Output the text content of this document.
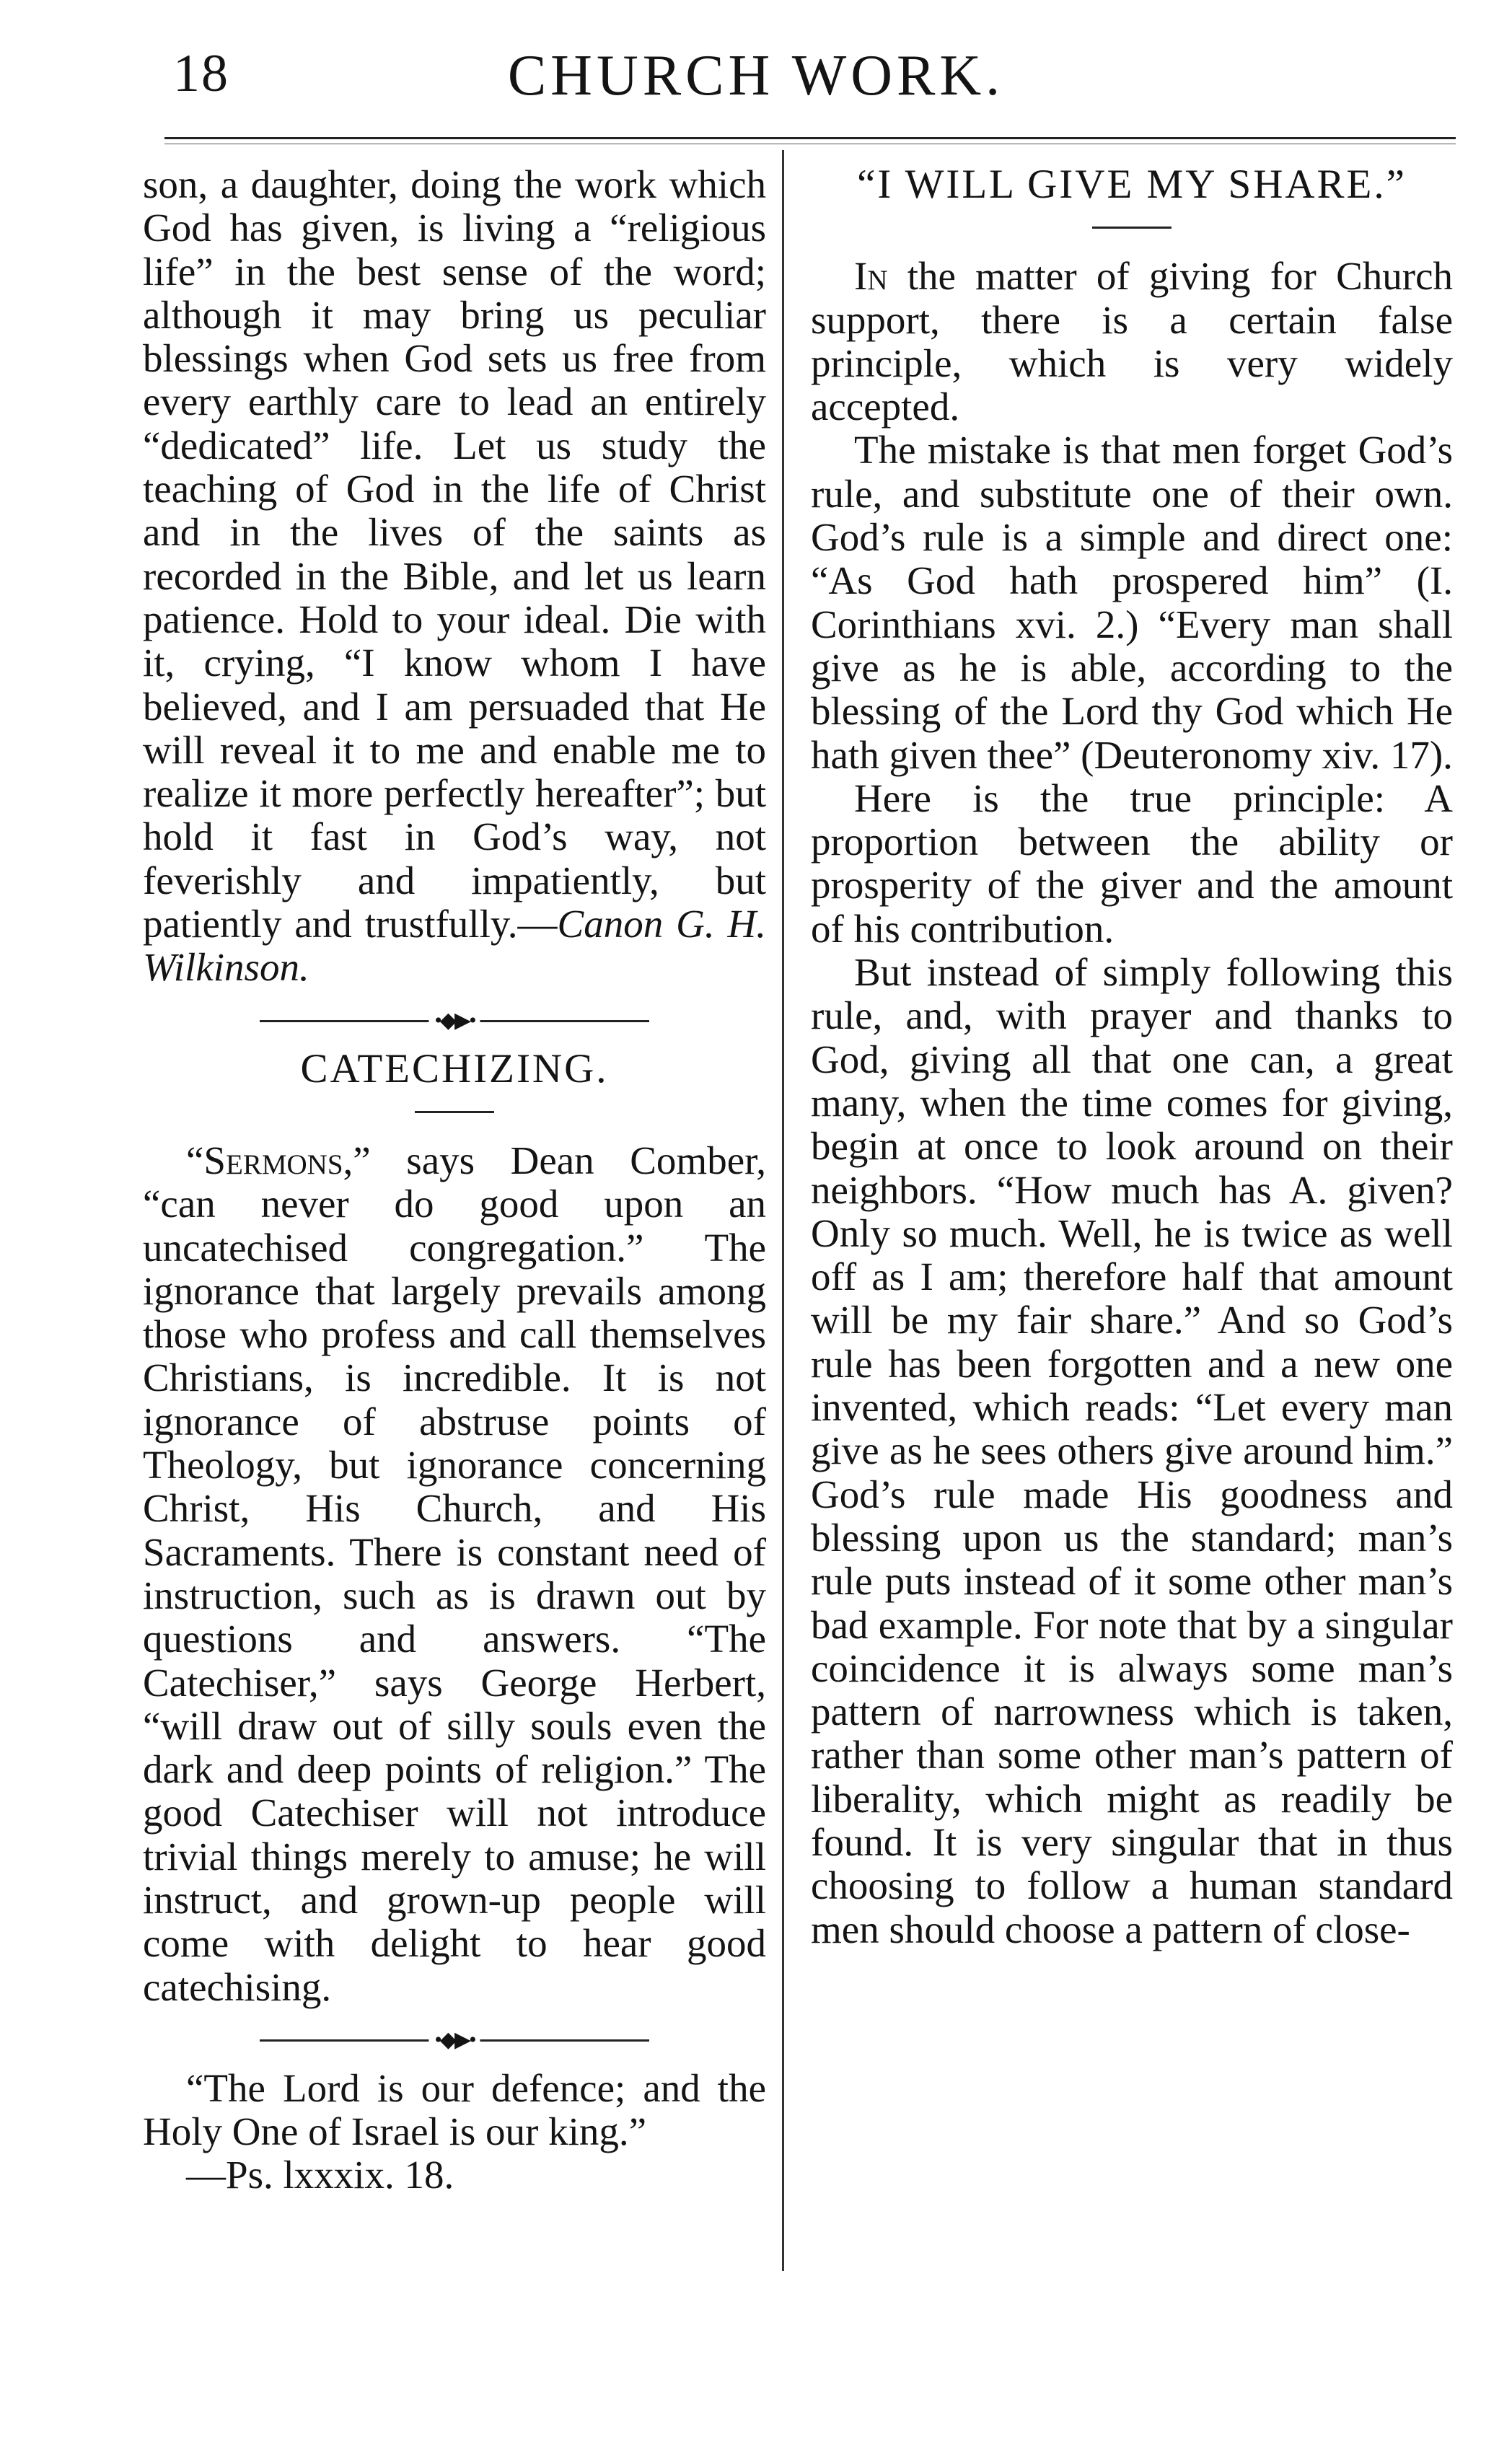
18	CHURCH WORK.

son, a daughter, doing the work which God has given, is living a “religious life” in the best sense of the word; although it may bring us peculiar blessings when God sets us free from every earthly care to lead an entirely “dedicated” life. Let us study the teaching of God in the life of Christ and in the lives of the saints as recorded in the Bible, and let us learn patience. Hold to your ideal. Die with it, crying, “I know whom I have believed, and I am persuaded that He will reveal it to me and enable me to realize it more perfectly hereafter”; but hold it fast in God’s way, not feverishly and impatiently, but patiently and trustfully.—Canon G. H. Wilkinson.

•◆▶•
CATECHIZING.

“Sermons,” says Dean Comber, “can never do good upon an uncatechised congregation.” The ignorance that largely prevails among those who profess and call themselves Christians, is incredible. It is not ignorance of abstruse points of Theology, but ignorance concerning Christ, His Church, and His Sacraments. There is constant need of instruction, such as is drawn out by questions and answers. “The Catechiser,” says George Herbert, “will draw out of silly souls even the dark and deep points of religion.” The good Catechiser will not introduce trivial things merely to amuse; he will instruct, and grown-up people will come with delight to hear good catechising.

•◆▶•

“The Lord is our defence; and the Holy One of Israel is our king.”

—Ps. lxxxix. 18.

“I WILL GIVE MY SHARE.”

In the matter of giving for Church support, there is a certain false principle, which is very widely accepted.

The mistake is that men forget God’s rule, and substitute one of their own. God’s rule is a simple and direct one: “As God hath prospered him” (I. Corinthians xvi. 2.) “Every man shall give as he is able, according to the blessing of the Lord thy God which He hath given thee” (Deuteronomy xiv. 17).

Here is the true principle: A proportion between the ability or prosperity of the giver and the amount of his contribution.

But instead of simply following this rule, and, with prayer and thanks to God, giving all that one can, a great many, when the time comes for giving, begin at once to look around on their neighbors. “How much has A. given? Only so much. Well, he is twice as well off as I am; therefore half that amount will be my fair share.” And so God’s rule has been forgotten and a new one invented, which reads: “Let every man give as he sees others give around him.” God’s rule made His goodness and blessing upon us the standard; man’s rule puts instead of it some other man’s bad example. For note that by a singular coincidence it is always some man’s pattern of narrowness which is taken, rather than some other man’s pattern of liberality, which might as readily be found. It is very singular that in thus choosing to follow a human standard men should choose a pattern of close-
